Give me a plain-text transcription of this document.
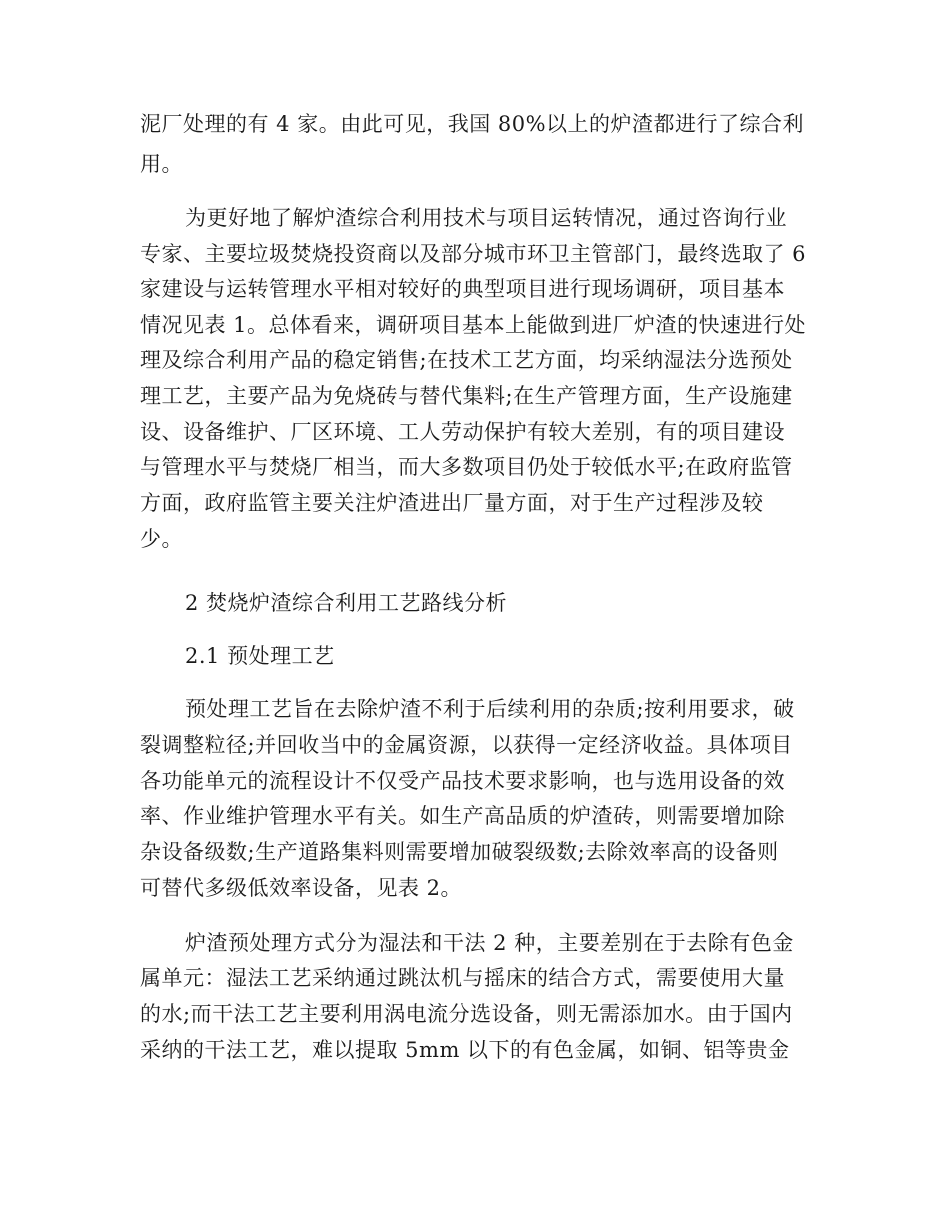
泥厂处理的有 4 家。由此可见，我国 80%以上的炉渣都进行了综合利
用。
为更好地了解炉渣综合利用技术与项目运转情况，通过咨询行业
专家、主要垃圾焚烧投资商以及部分城市环卫主管部门，最终选取了 6
家建设与运转管理水平相对较好的典型项目进行现场调研，项目基本
情况见表 1。总体看来，调研项目基本上能做到进厂炉渣的快速进行处
理及综合利用产品的稳定销售;在技术工艺方面，均采纳湿法分选预处
理工艺，主要产品为免烧砖与替代集料;在生产管理方面，生产设施建
设、设备维护、厂区环境、工人劳动保护有较大差别，有的项目建设
与管理水平与焚烧厂相当，而大多数项目仍处于较低水平;在政府监管
方面，政府监管主要关注炉渣进出厂量方面，对于生产过程涉及较
少。
2 焚烧炉渣综合利用工艺路线分析
2.1 预处理工艺
预处理工艺旨在去除炉渣不利于后续利用的杂质;按利用要求，破
裂调整粒径;并回收当中的金属资源，以获得一定经济收益。具体项目
各功能单元的流程设计不仅受产品技术要求影响，也与选用设备的效
率、作业维护管理水平有关。如生产高品质的炉渣砖，则需要增加除
杂设备级数;生产道路集料则需要增加破裂级数;去除效率高的设备则
可替代多级低效率设备，见表 2。
炉渣预处理方式分为湿法和干法 2 种，主要差别在于去除有色金
属单元：湿法工艺采纳通过跳汰机与摇床的结合方式，需要使用大量
的水;而干法工艺主要利用涡电流分选设备，则无需添加水。由于国内
采纳的干法工艺，难以提取 5mm 以下的有色金属，如铜、铝等贵金
